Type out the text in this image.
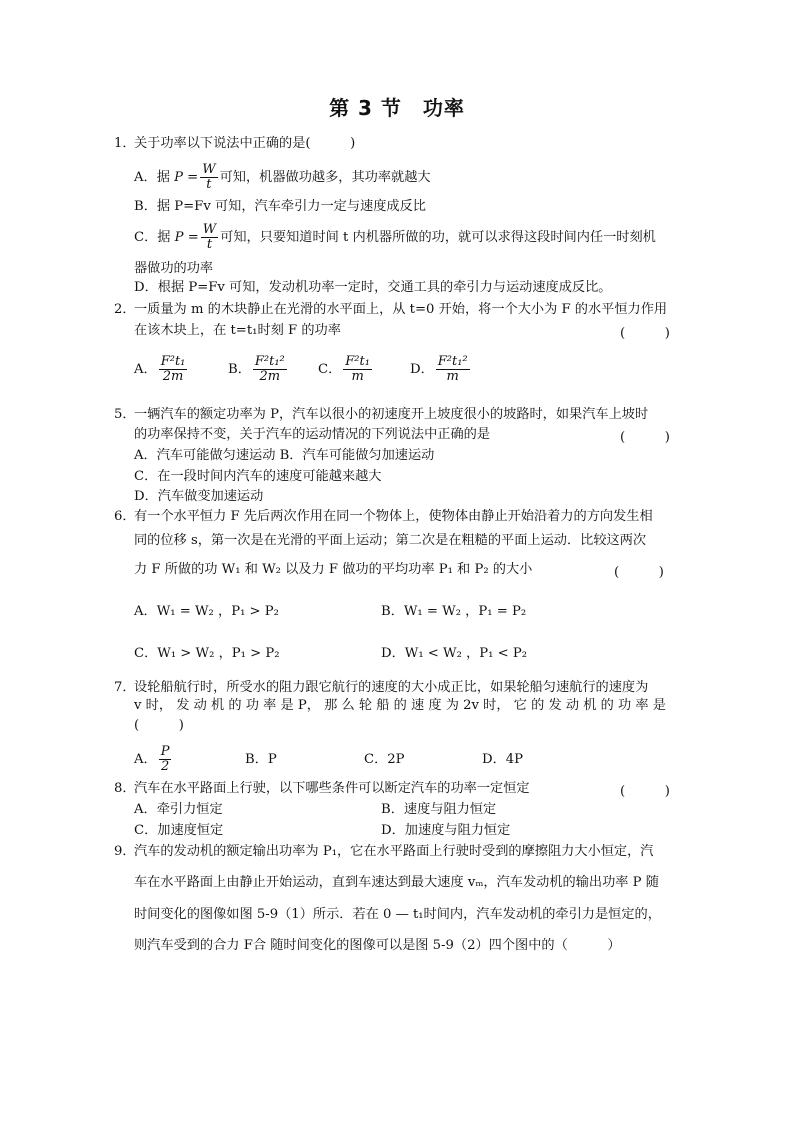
第 3 节　功率
1．关于功率以下说法中正确的是(　　　)
A．据 $P = \frac{W}{t}$ 可知，机器做功越多，其功率就越大
B．据 P=Fv 可知，汽车牵引力一定与速度成反比
C．据 $P = \frac{W}{t}$ 可知，只要知道时间 t 内机器所做的功，就可以求得这段时间内任一时刻机
器做功的功率
D．根据 P=Fv 可知，发动机功率一定时，交通工具的牵引力与运动速度成反比。
2．一质量为 m 的木块静止在光滑的水平面上，从 t=0 开始，将一个大小为 F 的水平恒力作用
在该木块上，在 t=t₁时刻 F 的功率	(　　　)
A． $\frac{\text{F²t₁}}{2m}$	B． $\frac{\text{F²t₁²}}{2m}$ C． $\frac{\text{F²t₁}}{m}$	D． $\frac{\text{F²t₁²}}{m}$
5．一辆汽车的额定功率为 P，汽车以很小的初速度开上坡度很小的坡路时，如果汽车上坡时
的功率保持不变，关于汽车的运动情况的下列说法中正确的是	(　　　)
A．汽车可能做匀速运动 B．汽车可能做匀加速运动
C．在一段时间内汽车的速度可能越来越大
D．汽车做变加速运动
6．有一个水平恒力 F 先后两次作用在同一个物体上，使物体由静止开始沿着力的方向发生相
同的位移 s，第一次是在光滑的平面上运动；第二次是在粗糙的平面上运动．比较这两次
力 F 所做的功 W₁ 和 W₂ 以及力 F 做功的平均功率 P₁ 和 P₂ 的大小	(　　　)
A．W₁ = W₂ ，P₁ > P₂	B．W₁ = W₂ ，P₁ = P₂
C．W₁ > W₂ ，P₁ > P₂	D．W₁ < W₂ ，P₁ < P₂
7．设轮船航行时，所受水的阻力跟它航行的速度的大小成正比，如果轮船匀速航行的速度为
v 时， 发 动 机 的 功 率 是 P， 那 么 轮 船 的 速 度 为 2v 时， 它 的 发 动 机 的 功 率 是
(　　　)
A． $\frac{P}{2}$	B．P	C．2P	D．4P
8．汽车在水平路面上行驶，以下哪些条件可以断定汽车的功率一定恒定	(　　　)
A．牵引力恒定	B．速度与阻力恒定
C．加速度恒定	D．加速度与阻力恒定
9．汽车的发动机的额定输出功率为 P₁，它在水平路面上行驶时受到的摩擦阻力大小恒定，汽
车在水平路面上由静止开始运动，直到车速达到最大速度 vₘ，汽车发动机的输出功率 P 随
时间变化的图像如图 5-9（1）所示．若在 0 — t₁时间内，汽车发动机的牵引力是恒定的，
则汽车受到的合力 F合 随时间变化的图像可以是图 5-9（2）四个图中的（　　　）
